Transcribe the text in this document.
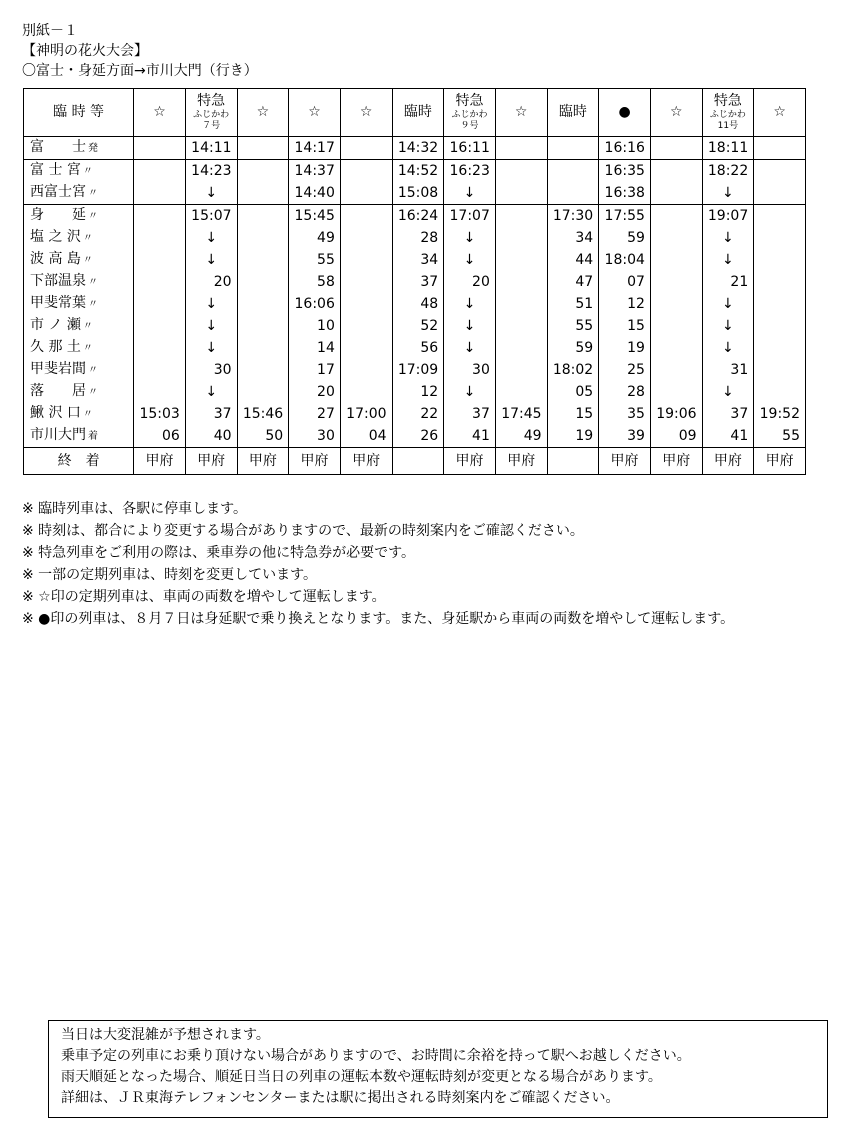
別紙－１
【神明の花火大会】
〇富士・身延方面→市川大門（行き）
臨 時 等	☆	特急
ふじかわ
７号	☆	☆	☆	臨時	特急
ふじかわ
９号	☆	臨時	●	☆	特急
ふじかわ
11号	☆

富　　士 発		14:11		14:17		14:32	16:11			16:16		18:11	
富 士 宮 〃		14:23		14:37		14:52	16:23			16:35		18:22	
西富士宮 〃		↓		14:40		15:08	↓			16:38		↓	
身　　延 〃		15:07		15:45		16:24	17:07		17:30	17:55		19:07	
塩 之 沢 〃		↓		49		28	↓		34	59		↓	
波 高 島 〃		↓		55		34	↓		44	18:04		↓	
下部温泉 〃		20		58		37	20		47	07		21	
甲斐常葉 〃		↓		16:06		48	↓		51	12		↓	
市 ノ 瀬 〃		↓		10		52	↓		55	15		↓	
久 那 土 〃		↓		14		56	↓		59	19		↓	
甲斐岩間 〃		30		17		17:09	30		18:02	25		31	
落　　居 〃		↓		20		12	↓		05	28		↓	
鰍 沢 口 〃	15:03	37	15:46	27	17:00	22	37	17:45	15	35	19:06	37	19:52
市川大門 着	06	40	50	30	04	26	41	49	19	39	09	41	55
終　着	甲府	甲府	甲府	甲府	甲府		甲府	甲府		甲府	甲府	甲府	甲府
※ 臨時列車は、各駅に停車します。
※ 時刻は、都合により変更する場合がありますので、最新の時刻案内をご確認ください。
※ 特急列車をご利用の際は、乗車券の他に特急券が必要です。
※ 一部の定期列車は、時刻を変更しています。
※ ☆印の定期列車は、車両の両数を増やして運転します。
※ ●印の列車は、８月７日は身延駅で乗り換えとなります。また、身延駅から車両の両数を増やして運転します。
当日は大変混雑が予想されます。
乗車予定の列車にお乗り頂けない場合がありますので、お時間に余裕を持って駅へお越しください。
雨天順延となった場合、順延日当日の列車の運転本数や運転時刻が変更となる場合があります。
詳細は、ＪＲ東海テレフォンセンターまたは駅に掲出される時刻案内をご確認ください。
